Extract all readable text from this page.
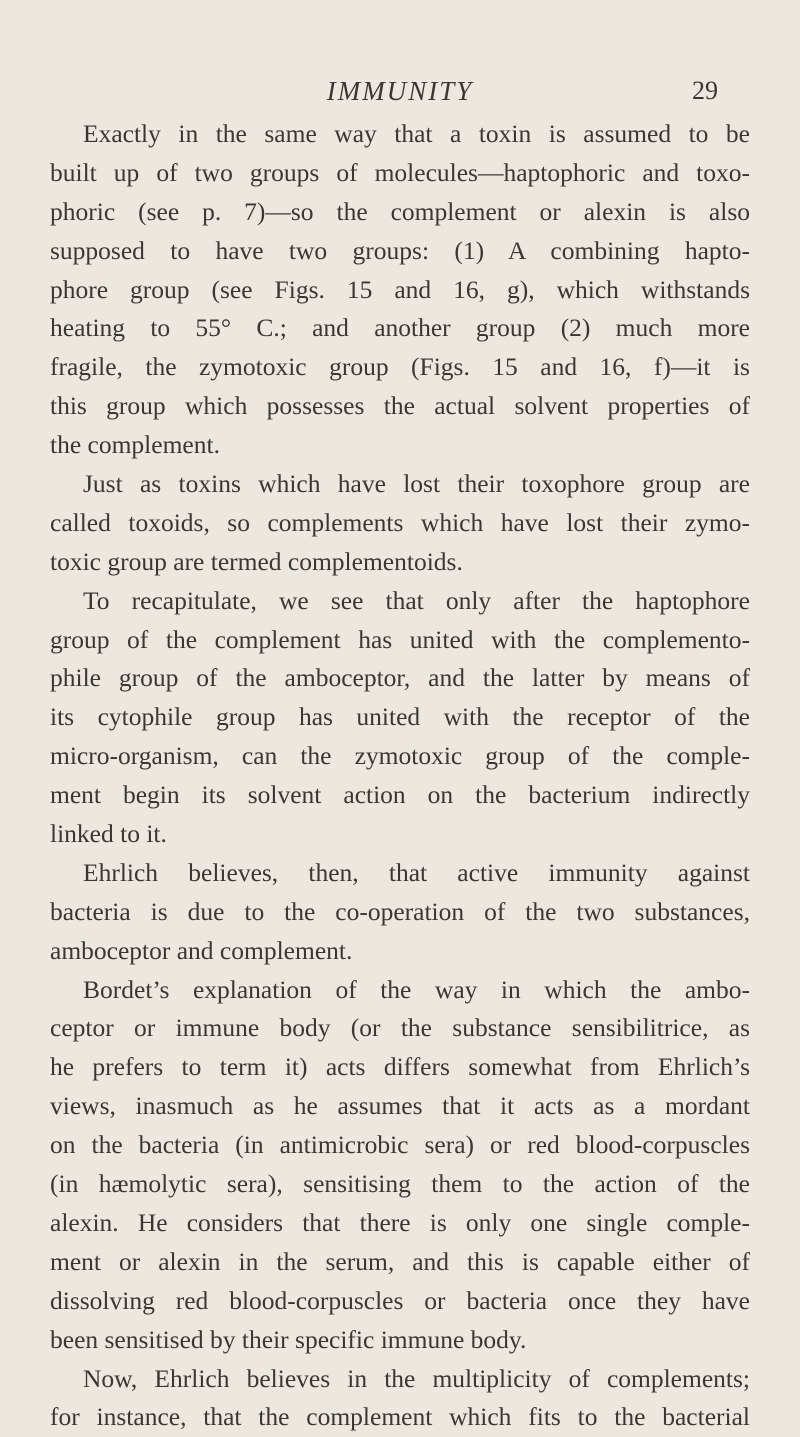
IMMUNITY	29
Exactly in the same way that a toxin is assumed to be
built up of two groups of molecules—haptophoric and toxo-
phoric (see p. 7)—so the complement or alexin is also
supposed to have two groups: (1) A combining hapto-
phore group (see Figs. 15 and 16, g), which withstands
heating to 55° C.; and another group (2) much more
fragile, the zymotoxic group (Figs. 15 and 16, f)—it is
this group which possesses the actual solvent properties of
the complement.
Just as toxins which have lost their toxophore group are
called toxoids, so complements which have lost their zymo-
toxic group are termed complementoids.
To recapitulate, we see that only after the haptophore
group of the complement has united with the complemento-
phile group of the amboceptor, and the latter by means of
its cytophile group has united with the receptor of the
micro-organism, can the zymotoxic group of the comple-
ment begin its solvent action on the bacterium indirectly
linked to it.
Ehrlich believes, then, that active immunity against
bacteria is due to the co-operation of the two substances,
amboceptor and complement.
Bordet’s explanation of the way in which the ambo-
ceptor or immune body (or the substance sensibilitrice, as
he prefers to term it) acts differs somewhat from Ehrlich’s
views, inasmuch as he assumes that it acts as a mordant
on the bacteria (in antimicrobic sera) or red blood-corpuscles
(in hæmolytic sera), sensitising them to the action of the
alexin. He considers that there is only one single comple-
ment or alexin in the serum, and this is capable either of
dissolving red blood-corpuscles or bacteria once they have
been sensitised by their specific immune body.
Now, Ehrlich believes in the multiplicity of complements;
for instance, that the complement which fits to the bacterial
